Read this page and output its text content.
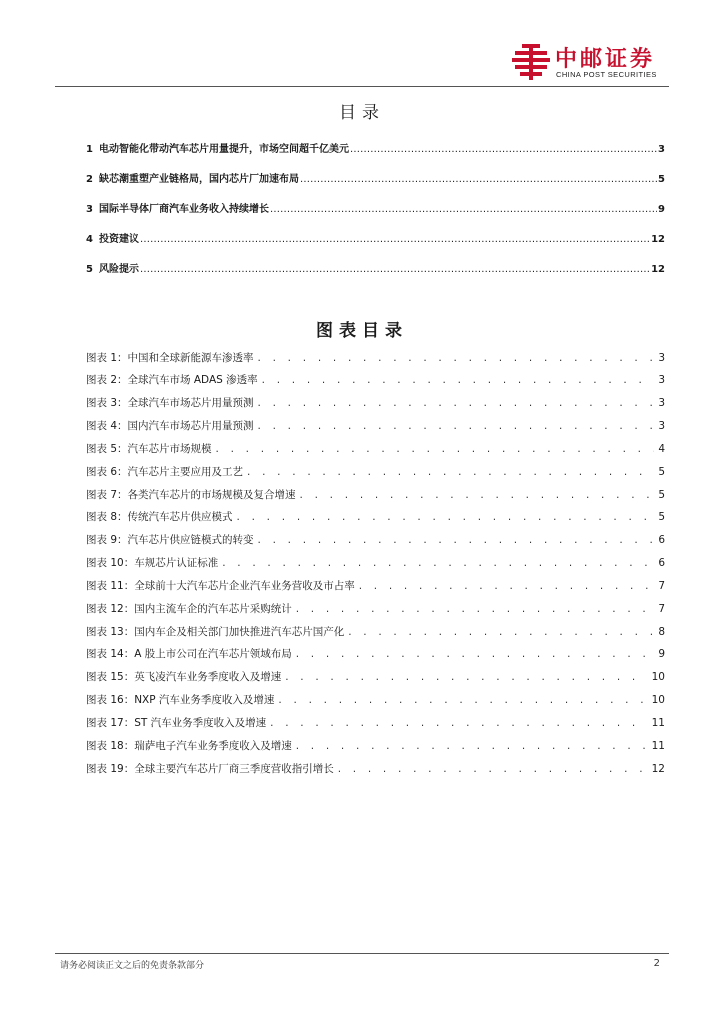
中邮证券
CHINA POST SECURITIES
目录
1 电动智能化带动汽车芯片用量提升，市场空间超千亿美元 .....	3
2 缺芯潮重塑产业链格局，国内芯片厂加速布局 .....	5
3 国际半导体厂商汽车业务收入持续增长 .....	9
4 投资建议 .....	12
5 风险提示 .....	12
图表目录
图表 1：中国和全球新能源车渗透率 . . .	3
图表 2：全球汽车市场 ADAS 渗透率 . . .	3
图表 3：全球汽车市场芯片用量预测 . . .	3
图表 4：国内汽车市场芯片用量预测 . . .	3
图表 5：汽车芯片市场规模 . . .	4
图表 6：汽车芯片主要应用及工艺 . . .	5
图表 7：各类汽车芯片的市场规模及复合增速 . . .	5
图表 8：传统汽车芯片供应模式 . . .	5
图表 9：汽车芯片供应链模式的转变 . . .	6
图表 10：车规芯片认证标准 . . .	6
图表 11：全球前十大汽车芯片企业汽车业务营收及市占率 . . .	7
图表 12：国内主流车企的汽车芯片采购统计 . . .	7
图表 13：国内车企及相关部门加快推进汽车芯片国产化 . . .	8
图表 14：A 股上市公司在汽车芯片领域布局 . . .	9
图表 15：英飞凌汽车业务季度收入及增速 . . .	10
图表 16：NXP 汽车业务季度收入及增速 . . .	10
图表 17：ST 汽车业务季度收入及增速 . . .	11
图表 18：瑞萨电子汽车业务季度收入及增速 . . .	11
图表 19：全球主要汽车芯片厂商三季度营收指引增长 . . .	12
请务必阅读正文之后的免责条款部分	2
